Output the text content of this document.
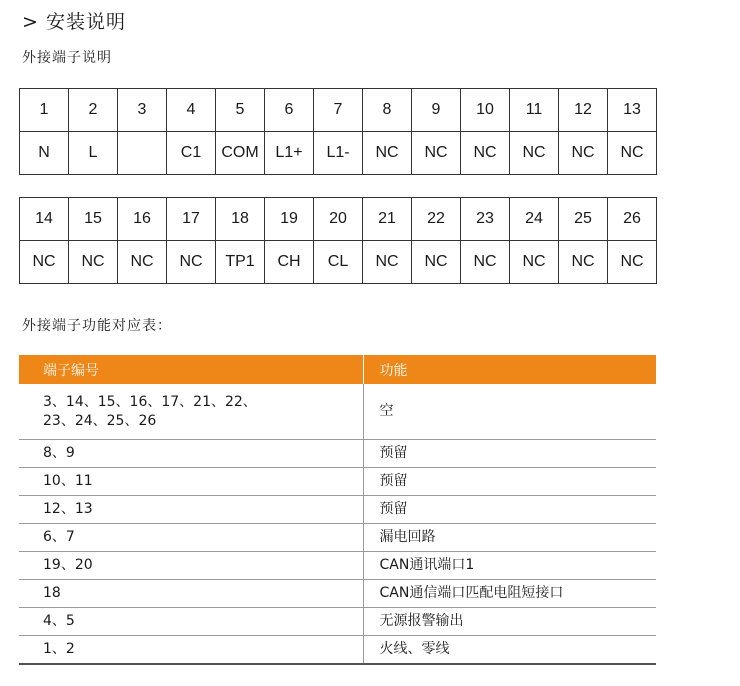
> 安装说明
外接端子说明
1	2	3	4	5	6	7	8	9	10	11	12	13
N	L		C1	COM	L1+	L1-	NC	NC	NC	NC	NC	NC
14	15	16	17	18	19	20	21	22	23	24	25	26
NC	NC	NC	NC	TP1	CH	CL	NC	NC	NC	NC	NC	NC
外接端子功能对应表：
端子编号	功能

3、14、15、16、17、21、22、
23、24、25、26	空
8、9	预留
10、11	预留
12、13	预留
6、7	漏电回路
19、20	CAN通讯端口1
18	CAN通信端口匹配电阻短接口
4、5	无源报警输出
1、2	火线、零线
